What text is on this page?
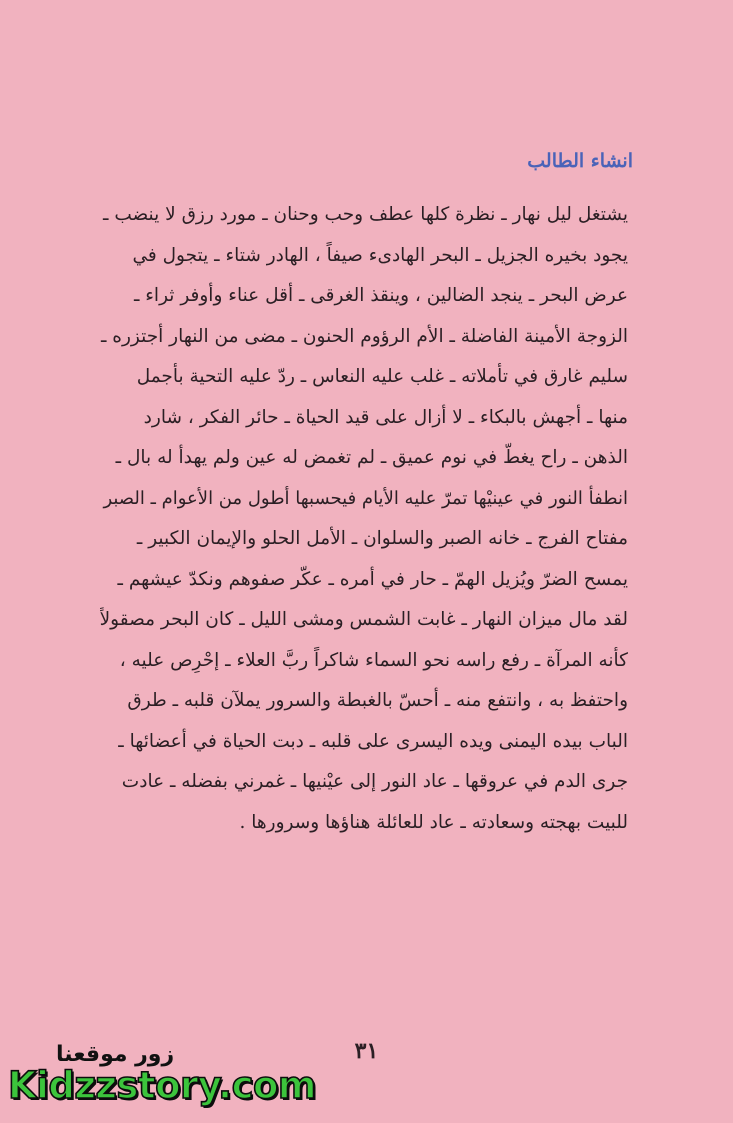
انشاء الطالب
يشتغل ليل نهار ـ نظرة كلها عطف وحب وحنان ـ مورد رزق لا ينضب ـ
يجود بخيره الجزيل ـ البحر الهادىء صيفاً ، الهادر شتاء ـ يتجول في
عرض البحر ـ ينجد الضالين ، وينقذ الغرقى ـ أقل عناء وأوفر ثراء ـ
الزوجة الأمينة الفاضلة ـ الأم الرؤوم الحنون ـ مضى من النهار أجتزره ـ
سليم غارق في تأملاته ـ غلب عليه النعاس ـ ردّ عليه التحية بأجمل
منها ـ أجهش بالبكاء ـ لا أزال على قيد الحياة ـ حائر الفكر ، شارد
الذهن ـ راح يغطّ في نوم عميق ـ لم تغمض له عين ولم يهدأ له بال ـ
انطفأ النور في عينيْها تمرّ عليه الأيام فيحسبها أطول من الأعوام ـ الصبر
مفتاح الفرج ـ خانه الصبر والسلوان ـ الأمل الحلو والإيمان الكبير ـ
يمسح الضرّ ويُزيل الهمّ ـ حار في أمره ـ عكّر صفوهم ونكدّ عيشهم ـ
لقد مال ميزان النهار ـ غابت الشمس ومشى الليل ـ كان البحر مصقولاً
كأنه المرآة ـ رفع راسه نحو السماء شاكراً ربَّ العلاء ـ إحْرِص عليه ،
واحتفظ به ، وانتفع منه ـ أحسّ بالغبطة والسرور يملآن قلبه ـ طرق
الباب بيده اليمنى ويده اليسرى على قلبه ـ دبت الحياة في أعضائها ـ
جرى الدم في عروقها ـ عاد النور إلى عيْنيها ـ غمرني بفضله ـ عادت
للبيت بهجته وسعادته ـ عاد للعائلة هناؤها وسرورها .
٣١
زور موقعنا
Kidzzstory.com
